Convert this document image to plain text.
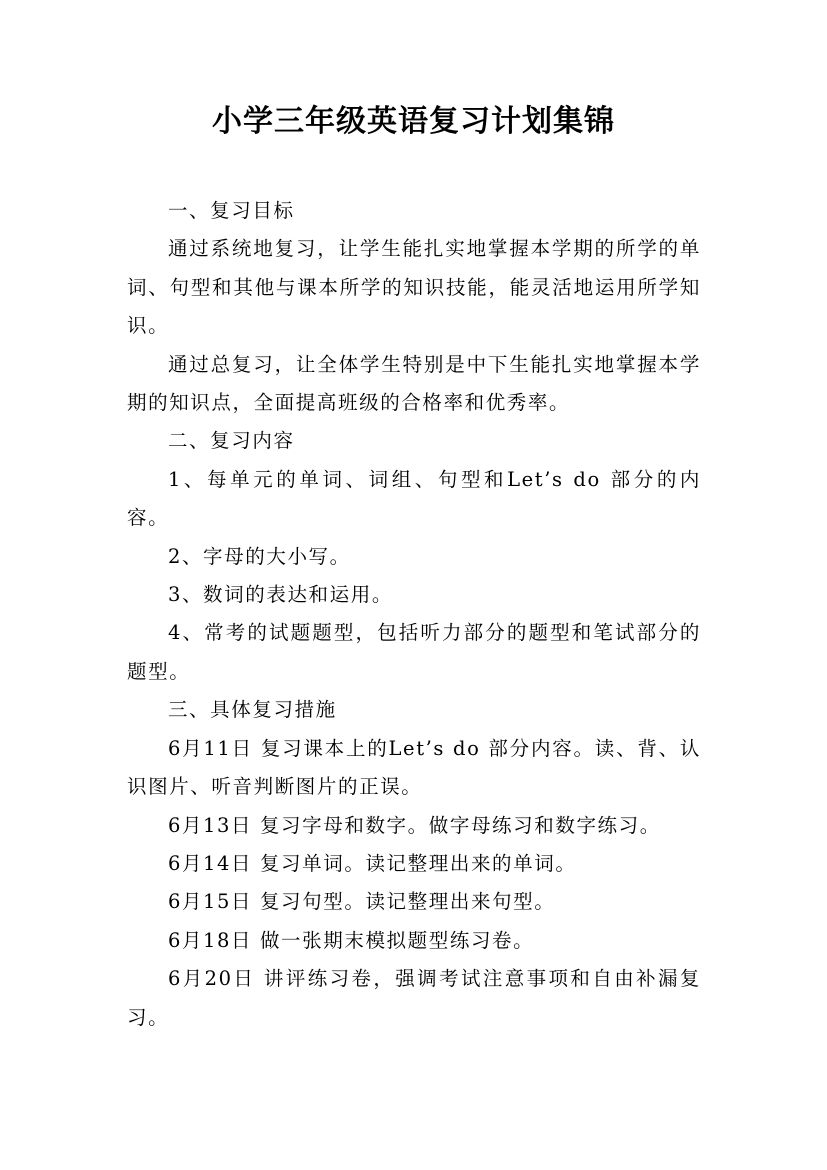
小学三年级英语复习计划集锦

一、复习目标

通过系统地复习，让学生能扎实地掌握本学期的所学的单词、句型和其他与课本所学的知识技能，能灵活地运用所学知识。

通过总复习，让全体学生特别是中下生能扎实地掌握本学期的知识点，全面提高班级的合格率和优秀率。

二、复习内容

1、每单元的单词、词组、句型和Let’s do 部分的内容。

2、字母的大小写。

3、数词的表达和运用。

4、常考的试题题型，包括听力部分的题型和笔试部分的题型。

三、具体复习措施

6月11日 复习课本上的Let’s do 部分内容。读、背、认识图片、听音判断图片的正误。

6月13日 复习字母和数字。做字母练习和数字练习。

6月14日 复习单词。读记整理出来的单词。

6月15日 复习句型。读记整理出来句型。

6月18日 做一张期末模拟题型练习卷。

6月20日 讲评练习卷，强调考试注意事项和自由补漏复习。
